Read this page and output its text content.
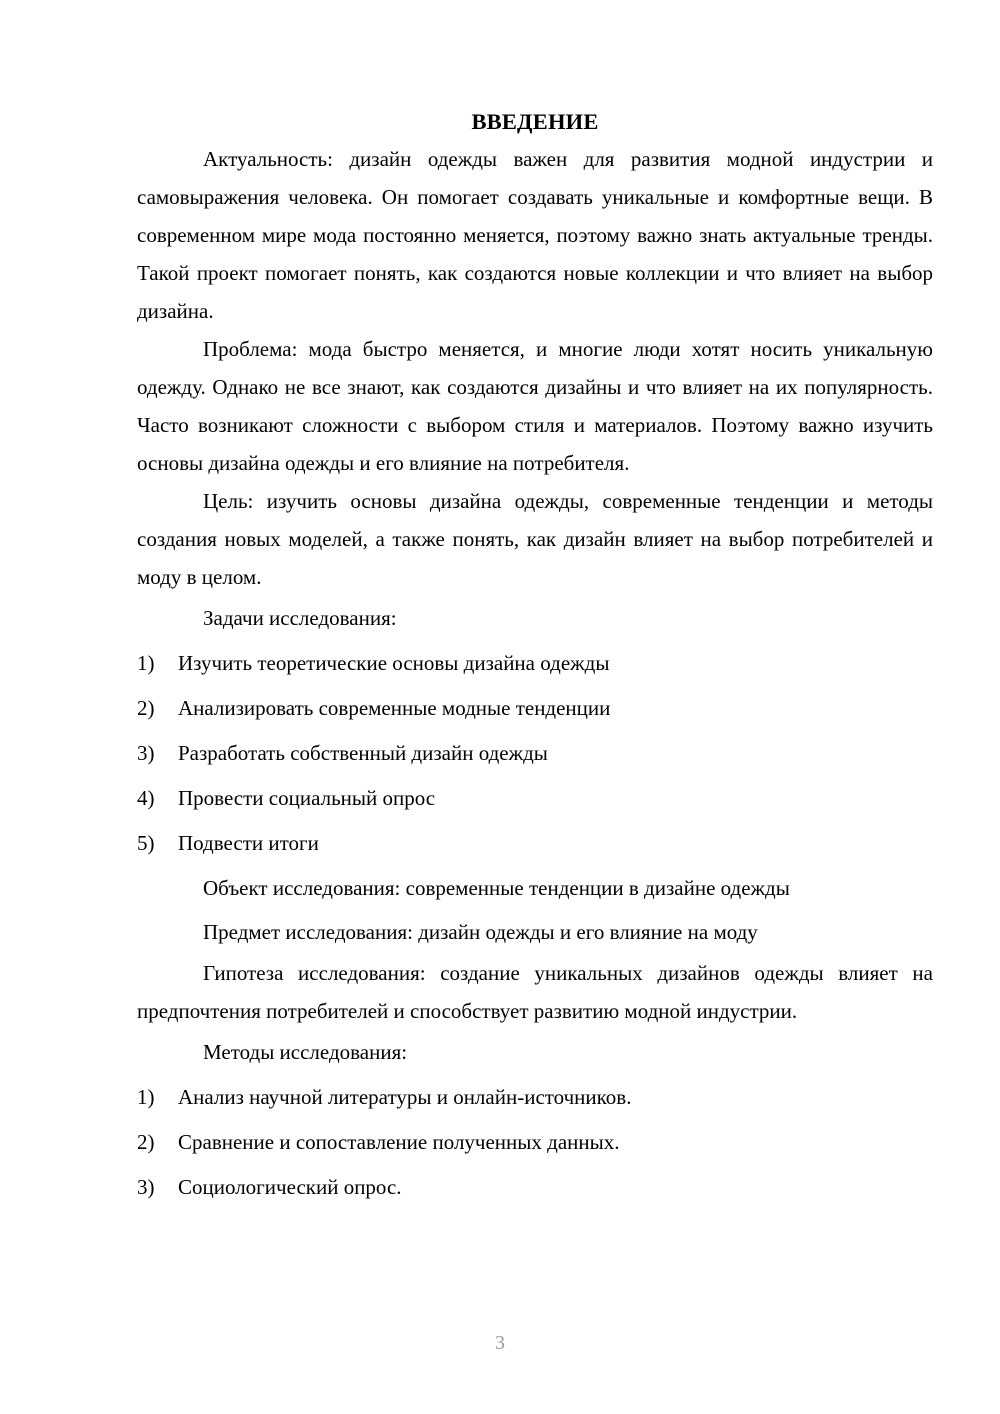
ВВЕДЕНИЕ

Актуальность: дизайн одежды важен для развития модной индустрии и самовыражения человека. Он помогает создавать уникальные и комфортные вещи. В современном мире мода постоянно меняется, поэтому важно знать актуальные тренды. Такой проект помогает понять, как создаются новые коллекции и что влияет на выбор дизайна.

Проблема: мода быстро меняется, и многие люди хотят носить уникальную одежду. Однако не все знают, как создаются дизайны и что влияет на их популярность. Часто возникают сложности с выбором стиля и материалов. Поэтому важно изучить основы дизайна одежды и его влияние на потребителя.

Цель: изучить основы дизайна одежды, современные тенденции и методы создания новых моделей, а также понять, как дизайн влияет на выбор потребителей и моду в целом.

Задачи исследования:

1)	Изучить теоретические основы дизайна одежды
2)	Анализировать современные модные тенденции
3)	Разработать собственный дизайн одежды
4)	Провести социальный опрос
5)	Подвести итоги

Объект исследования: современные тенденции в дизайне одежды

Предмет исследования: дизайн одежды и его влияние на моду

Гипотеза исследования: создание уникальных дизайнов одежды влияет на предпочтения потребителей и способствует развитию модной индустрии.

Методы исследования:

1)	Анализ научной литературы и онлайн-источников.
2)	Сравнение и сопоставление полученных данных.
3)	Социологический опрос.
3
